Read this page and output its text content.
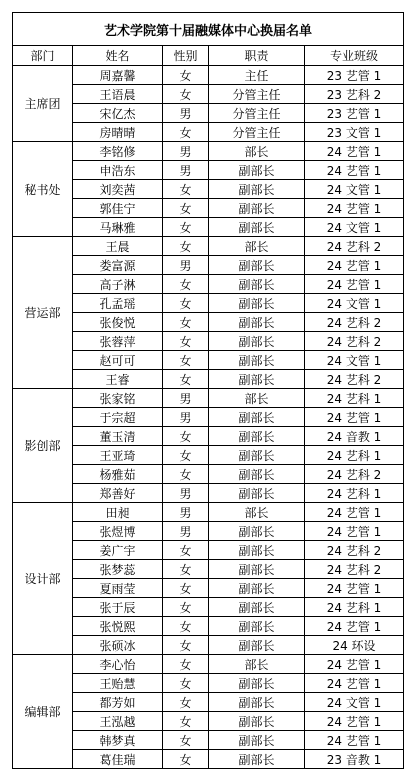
艺术学院第十届融媒体中心换届名单				
部门	姓名	性别	职责	专业班级
主席团	周嘉馨	女	主任	23 艺管 1
	王语晨	女	分管主任	23 艺科 2
	宋亿杰	男	分管主任	23 艺管 1
	房晴晴	女	分管主任	23 文管 1
秘书处	李铭修	男	部长	24 艺管 1
	申浩东	男	副部长	24 艺管 1
	刘奕茜	女	副部长	24 文管 1
	郭佳宁	女	副部长	24 艺管 1
	马琳雅	女	副部长	24 文管 1
营运部	王晨	女	部长	24 艺科 2
	娄富源	男	副部长	24 艺管 1
	高子淋	女	副部长	24 艺管 1
	孔孟瑶	女	副部长	24 文管 1
	张俊悦	女	副部长	24 艺科 2
	张蓉萍	女	副部长	24 艺科 2
	赵可可	女	副部长	24 文管 1
	王睿	女	副部长	24 艺科 2
影创部	张家铭	男	部长	24 艺科 1
	于宗超	男	副部长	24 艺管 1
	董玉清	女	副部长	24 音教 1
	王亚琦	女	副部长	24 艺科 1
	杨雅茹	女	副部长	24 艺科 2
	郑善好	男	副部长	24 艺科 1
设计部	田昶	男	部长	24 艺管 1
	张煜博	男	副部长	24 艺管 1
	姜广宇	女	副部长	24 艺科 2
	张梦蕊	女	副部长	24 艺科 2
	夏雨莹	女	副部长	24 艺管 1
	张于辰	女	副部长	24 艺科 1
	张悦熙	女	副部长	24 艺管 1
	张硕冰	女	副部长	24 环设
编辑部	李心怡	女	部长	24 艺管 1
	王贻慧	女	副部长	24 艺管 1
	都芳如	女	副部长	24 文管 1
	王泓越	女	副部长	24 艺管 1
	韩梦真	女	副部长	24 艺管 1
	葛佳瑞	女	副部长	23 音教 1
